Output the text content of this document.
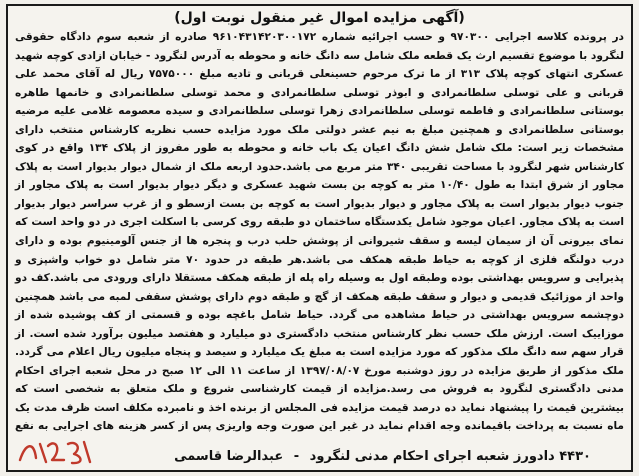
(آگهی مزایده اموال غیر منقول نوبت اول)

در پرونده کلاسه اجرایی ۹۷۰۳۰۰ و حسب اجرائیه شماره ۹۶۱۰۴۳۱۴۲۰۳۰۰۱۷۲ صادره از شعبه سوم دادگاه حقوقی لنگرود با موضوع تقسیم ارث یک قطعه ملک شامل سه دانگ خانه و محوطه به آدرس لنگرود - خیابان ازادی کوچه شهید عسکری انتهای کوچه پلاک ۳۱۳ از ما ترک مرحوم حسینعلی قربانی و تادیه مبلغ ۷۵۷۵۰۰۰ ریال له آقای محمد علی قربانی و علی توسلی سلطانمرادی و ابوذر توسلی سلطانمرادی و محمد توسلی سلطانمرادی و خانمها طاهره بوستانی سلطانمرادی و فاطمه توسلی سلطانمرادی زهرا توسلی سلطانمرادی و سیده معصومه غلامی علیه مرضیه بوستانی سلطانمرادی و همچنین مبلغ به نیم عشر دولتی ملک مورد مزایده حسب نظریه کارشناس منتخب دارای مشخصات زیر است: ملک شامل شش دانگ اعیان یک باب خانه و محوطه به طور مفروز از پلاک ۱۳۴ واقع در کوی کارشناس شهر لنگرود با مساحت تقریبی ۳۴۰ متر مربع می باشد.حدود اربعه ملک از شمال دیوار بدیوار است به پلاک مجاور از شرق ابتدا به طول ۱۰/۴۰ متر به کوچه بن بست شهید عسکری و دیگر دیوار بدیوار است به پلاک مجاور از جنوب دیوار بدیوار است به پلاک مجاور و دیوار بدیوار است به کوچه بن بست ازسطو و از غرب سراسر دیوار بدیوار است به پلاک مجاور. اعیان موجود شامل یکدستگاه ساختمان دو طبقه روی کرسی با اسکلت اجری در دو واحد است که نمای بیرونی آن از سیمان لیسه و سقف شیروانی از پوشش حلب درب و پنجره ها از جنس آلومینیوم بوده و دارای درب دولنگه فلزی از کوچه به حیاط طبقه همکف می باشد.هر طبقه در حدود ۷۰ متر شامل دو خواب واشپزی و پذیرایی و سرویس بهداشتی بوده وطبقه اول به وسیله راه پله از طبقه همکف مستقلا دارای ورودی می باشد.کف دو واحد از موزائیک قدیمی و دیوار و سقف طبقه همکف از گچ و طبقه دوم دارای پوشش سقفی لمبه می باشد همچنین دوچشمه سرویس بهداشتی در حیاط مشاهده می گردد. حیاط شامل باغچه بوده و قسمتی از کف پوشیده شده از موزاییک است. ارزش ملک حسب نظر کارشناس منتخب دادگستری دو میلیارد و هفتصد میلیون برآورد شده است. از قرار سهم سه دانگ ملک مذکور که مورد مزایده است به مبلغ یک میلیارد و سیصد و پنجاه میلیون ریال اعلام می گردد. ملک مذکور از طریق مزایده در روز دوشنبه مورخ ۱۳۹۷/۰۸/۰۷ از ساعت ۱۱ الی ۱۲ صبح در محل شعبه اجرای احکام مدنی دادگستری لنگرود به فروش می رسد.مزایده از قیمت کارشناسی شروع و ملک متعلق به شخصی است که بیشترین قیمت را پیشنهاد نماید ده درصد قیمت مزایده فی المجلس از برنده اخذ و نامبرده مکلف است ظرف مدت یک ماه نسبت به پرداخت باقیمانده وجه اقدام نماید در غیر این صورت وجه واریزی پس از کسر هزینه های اجرایی به نفع

۴۴۳۰ دادورز شعبه اجرای احکام مدنی لنگرود - عبدالرضا قاسمی
